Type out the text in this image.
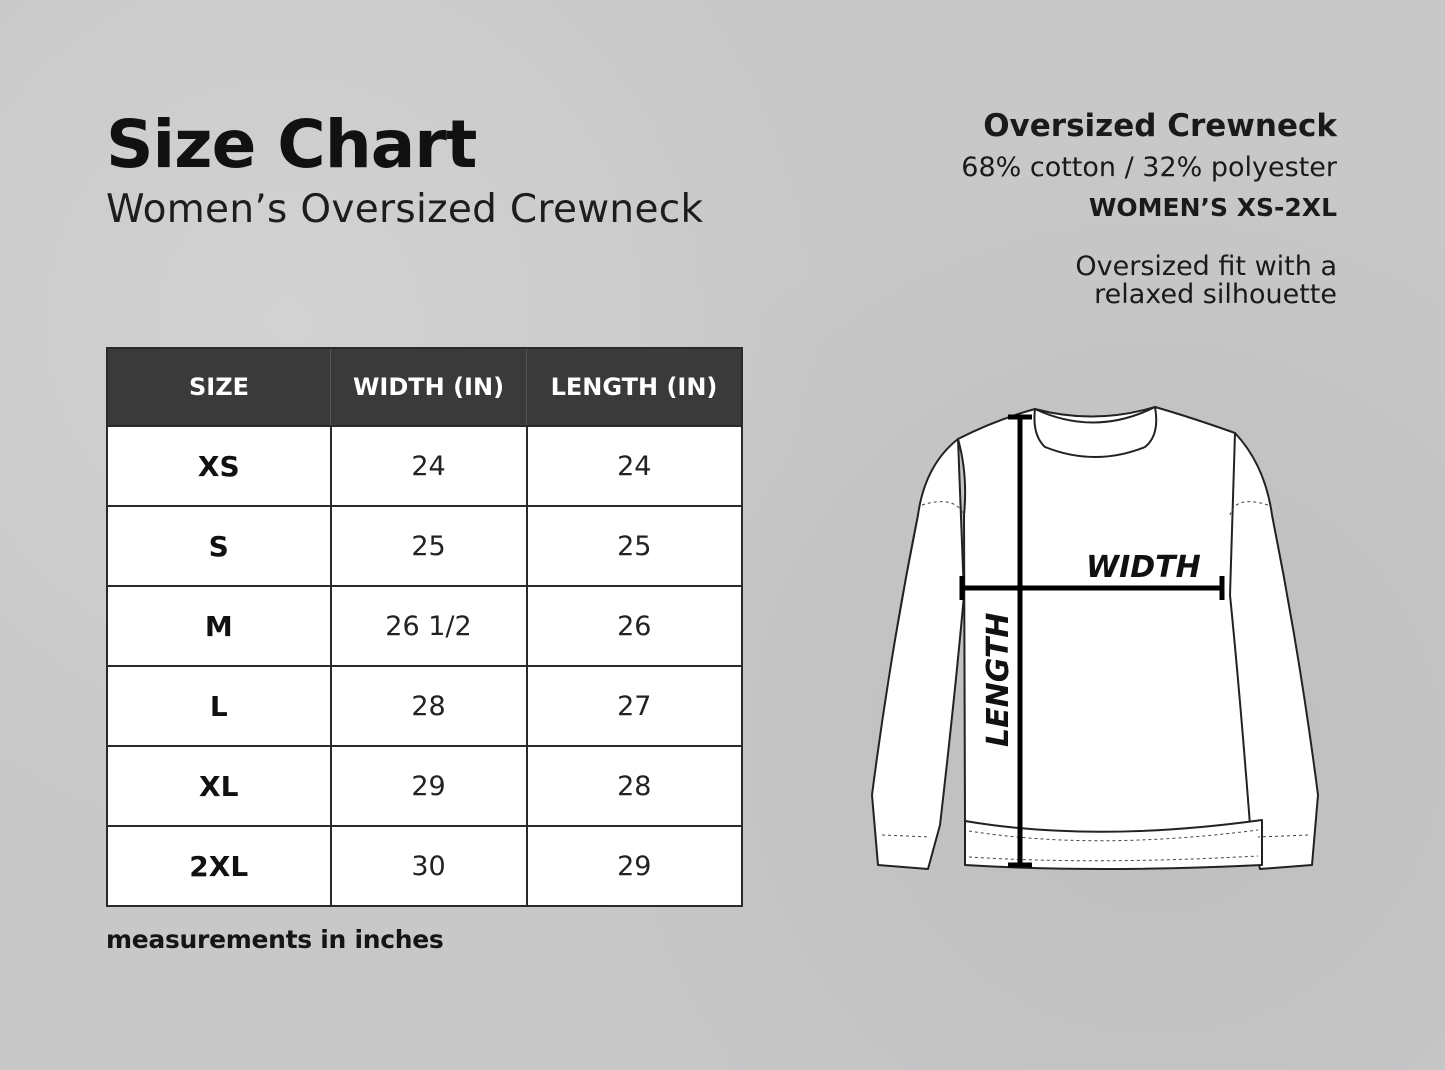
Size Chart
Women’s Oversized Crewneck
Oversized Crewneck
68% cotton / 32% polyester
WOMEN’S XS-2XL
Oversized fit with a relaxed silhouette
SIZE	WIDTH (IN)	LENGTH (IN)
XS	24	24
S	25	25
M	26 1/2	26
L	28	27
XL	29	28
2XL	30	29
measurements in inches
WIDTH
LENGTH
